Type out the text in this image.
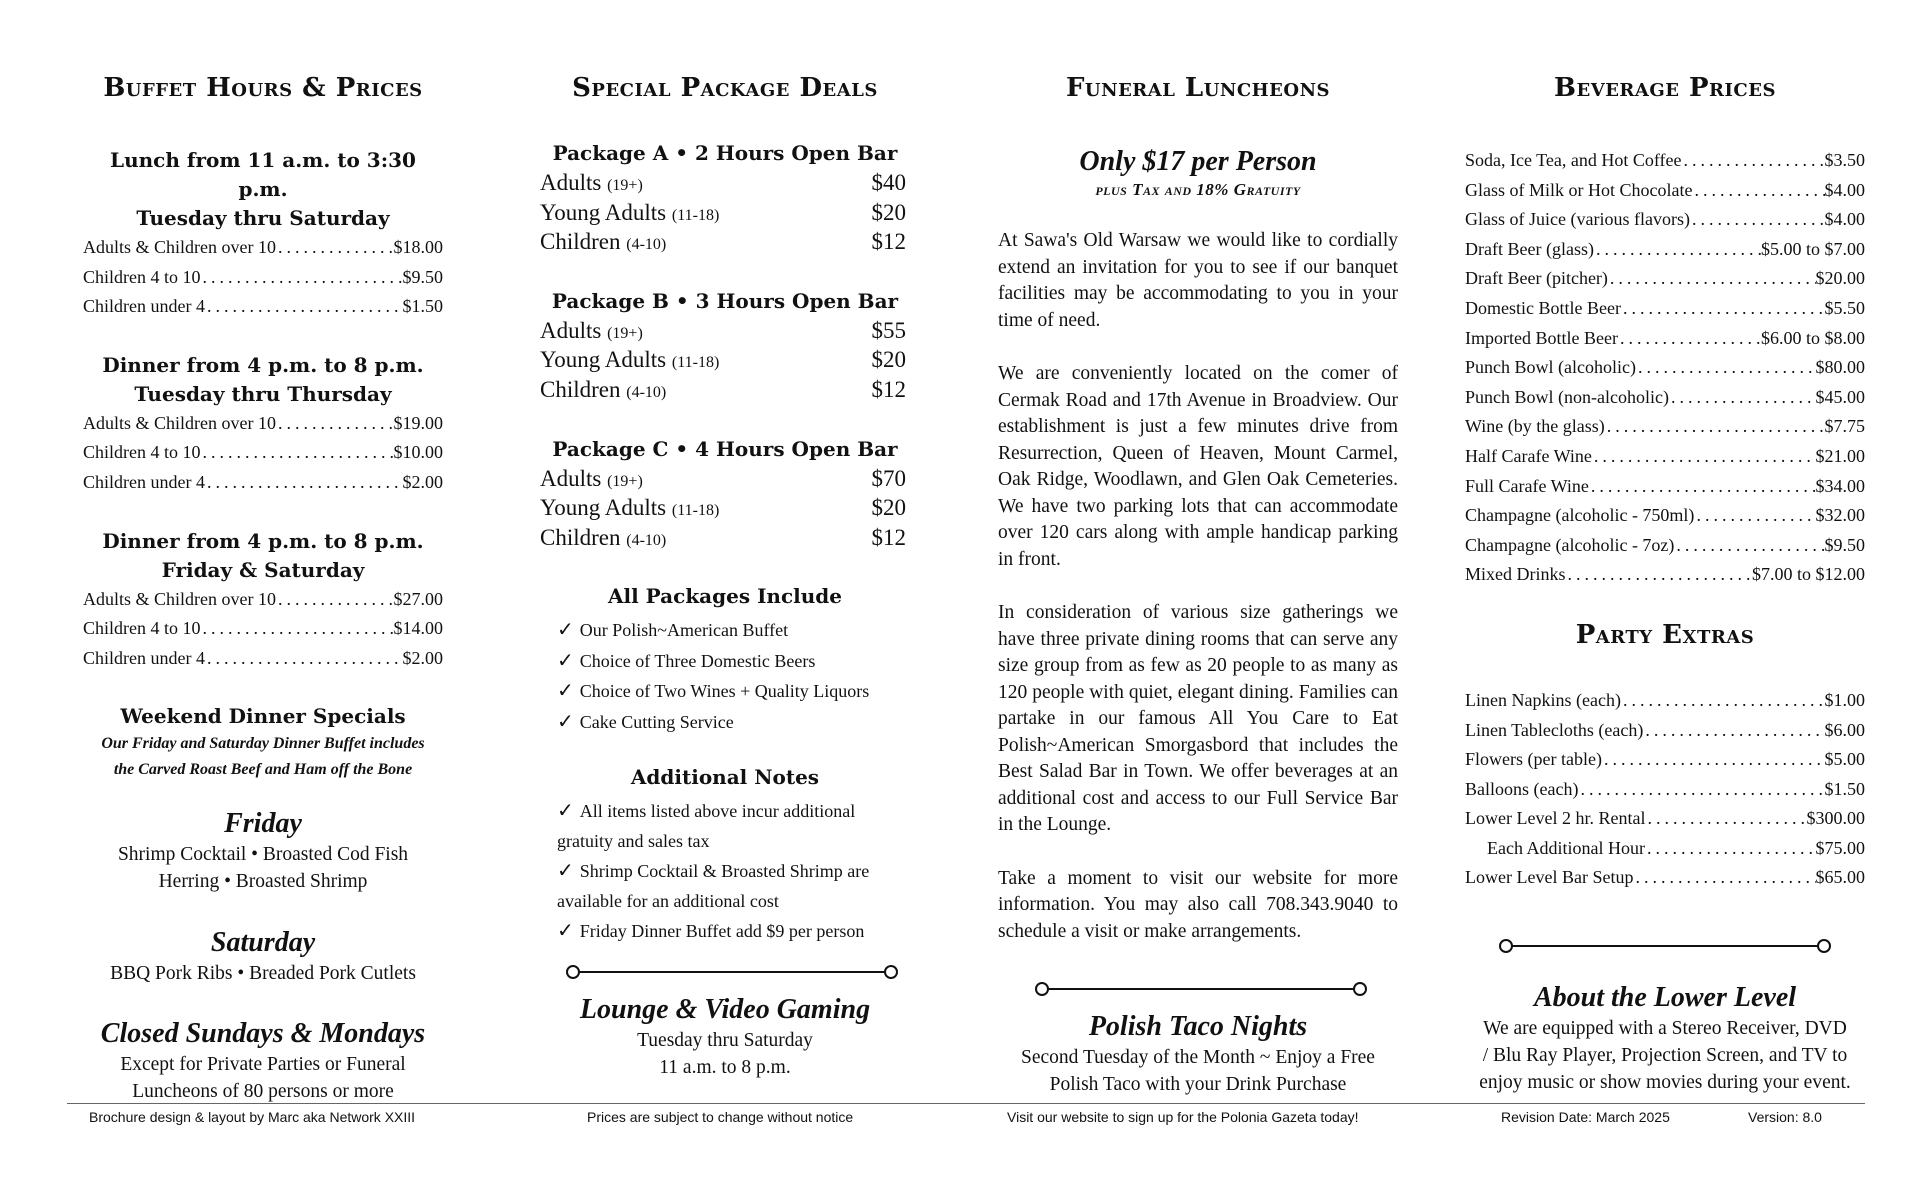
Buffet Hours & Prices
Lunch from 11 a.m. to 3:30 p.m.
Tuesday thru Saturday
Adults & Children over 10 .....	$18.00
Children 4 to 10 .....	$9.50
Children under 4 .....	$1.50
Dinner from 4 p.m. to 8 p.m.
Tuesday thru Thursday
Adults & Children over 10 .....	$19.00
Children 4 to 10 .....	$10.00
Children under 4 .....	$2.00
Dinner from 4 p.m. to 8 p.m.
Friday & Saturday
Adults & Children over 10 .....	$27.00
Children 4 to 10 .....	$14.00
Children under 4 .....	$2.00
Weekend Dinner Specials
Our Friday and Saturday Dinner Buffet includes
the Carved Roast Beef and Ham off the Bone
Friday
Shrimp Cocktail • Broasted Cod Fish
Herring • Broasted Shrimp
Saturday
BBQ Pork Ribs • Breaded Pork Cutlets
Closed Sundays & Mondays
Except for Private Parties or Funeral
Luncheons of 80 persons or more
Special Package Deals
Package A • 2 Hours Open Bar
Adults (19+)	$40
Young Adults (11-18)	$20
Children (4-10)	$12
Package B • 3 Hours Open Bar
Adults (19+)	$55
Young Adults (11-18)	$20
Children (4-10)	$12
Package C • 4 Hours Open Bar
Adults (19+)	$70
Young Adults (11-18)	$20
Children (4-10)	$12
All Packages Include
✓ Our Polish~American Buffet
✓ Choice of Three Domestic Beers
✓ Choice of Two Wines + Quality Liquors
✓ Cake Cutting Service
Additional Notes
✓ All items listed above incur additional
gratuity and sales tax
✓ Shrimp Cocktail & Broasted Shrimp are
available for an additional cost
✓ Friday Dinner Buffet add $9 per person
Lounge & Video Gaming
Tuesday thru Saturday
11 a.m. to 8 p.m.
Funeral Luncheons
Only $17 per Person
plus Tax and 18% Gratuity
At Sawa's Old Warsaw we would like to cordially extend an invitation for you to see if our banquet facilities may be accommodating to you in your time of need.
We are conveniently located on the comer of Cermak Road and 17th Avenue in Broadview. Our establishment is just a few minutes drive from Resurrection, Queen of Heaven, Mount Carmel, Oak Ridge, Woodlawn, and Glen Oak Cemeteries. We have two parking lots that can accommodate over 120 cars along with ample handicap parking in front.
In consideration of various size gatherings we have three private dining rooms that can serve any size group from as few as 20 people to as many as 120 people with quiet, elegant dining. Families can partake in our famous All You Care to Eat Polish~American Smorgasbord that includes the Best Salad Bar in Town. We offer beverages at an additional cost and access to our Full Service Bar in the Lounge.
Take a moment to visit our website for more information. You may also call 708.343.9040 to schedule a visit or make arrangements.
Polish Taco Nights
Second Tuesday of the Month ~ Enjoy a Free
Polish Taco with your Drink Purchase
Beverage Prices
Soda, Ice Tea, and Hot Coffee .....	$3.50
Glass of Milk or Hot Chocolate .....	$4.00
Glass of Juice (various flavors) .....	$4.00
Draft Beer (glass) .....	$5.00 to $7.00
Draft Beer (pitcher) .....	$20.00
Domestic Bottle Beer .....	$5.50
Imported Bottle Beer .....	$6.00 to $8.00
Punch Bowl (alcoholic) .....	$80.00
Punch Bowl (non-alcoholic) .....	$45.00
Wine (by the glass) .....	$7.75
Half Carafe Wine .....	$21.00
Full Carafe Wine .....	$34.00
Champagne (alcoholic - 750ml) .....	$32.00
Champagne (alcoholic - 7oz) .....	$9.50
Mixed Drinks .....	$7.00 to $12.00
Party Extras
Linen Napkins (each) .....	$1.00
Linen Tablecloths (each) .....	$6.00
Flowers (per table) .....	$5.00
Balloons (each) .....	$1.50
Lower Level 2 hr. Rental .....	$300.00
Each Additional Hour .....	$75.00
Lower Level Bar Setup .....	$65.00
About the Lower Level
We are equipped with a Stereo Receiver, DVD
/ Blu Ray Player, Projection Screen, and TV to
enjoy music or show movies during your event.
Brochure design & layout by Marc aka Network XXIII	Prices are subject to change without notice	Visit our website to sign up for the Polonia Gazeta today!	Revision Date: March 2025	Version: 8.0
